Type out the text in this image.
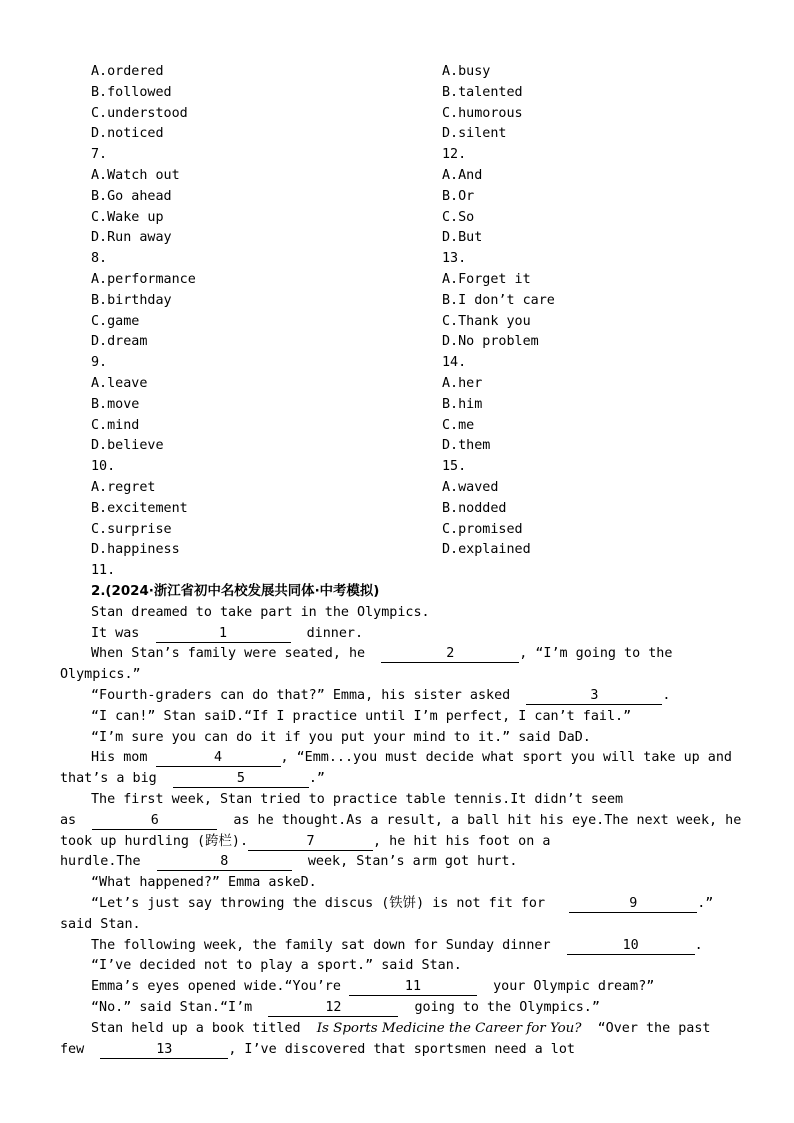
A.ordered
B.followed
C.understood
D.noticed
7.
A.Watch out
B.Go ahead
C.Wake up
D.Run away
8.
A.performance
B.birthday
C.game
D.dream
9.
A.leave
B.move
C.mind
D.believe
10.
A.regret
B.excitement
C.surprise
D.happiness
11.
A.busy
B.talented
C.humorous
D.silent
12.
A.And
B.Or
C.So
D.But
13.
A.Forget it
B.I don’t care
C.Thank you
D.No problem
14.
A.her
B.him
C.me
D.them
15.
A.waved
B.nodded
C.promised
D.explained
2.(2024·浙江省初中名校发展共同体·中考模拟)
Stan dreamed to take part in the Olympics.
It was	1	dinner.
When Stan’s family were seated, he	2	, “I’m going to the
Olympics.”
“Fourth-graders can do that?” Emma, his sister asked	3	.
“I can!” Stan saiD.“If I practice until I’m perfect, I can’t fail.”
“I’m sure you can do it if you put your mind to it.” said DaD.
His mom	4	, “Emm...you must decide what sport you will take up and
that’s a big	5	.”
The first week, Stan tried to practice table tennis.It didn’t seem
as	6	as he thought.As a result, a ball hit his eye.The next week, he
took up hurdling (跨栏).	7	, he hit his foot on a
hurdle.The	8	week, Stan’s arm got hurt.
“What happened?” Emma askeD.
“Let’s just say throwing the discus (铁饼) is not fit for	9	.”
said Stan.
The following week, the family sat down for Sunday dinner	10	.
“I’ve decided not to play a sport.” said Stan.
Emma’s eyes opened wide.“You’re	11	your Olympic dream?”
“No.” said Stan.“I’m	12	going to the Olympics.”
Stan held up a book titled Is Sports Medicine the Career for You? “Over the past
few	13	, I’ve discovered that sportsmen need a lot
